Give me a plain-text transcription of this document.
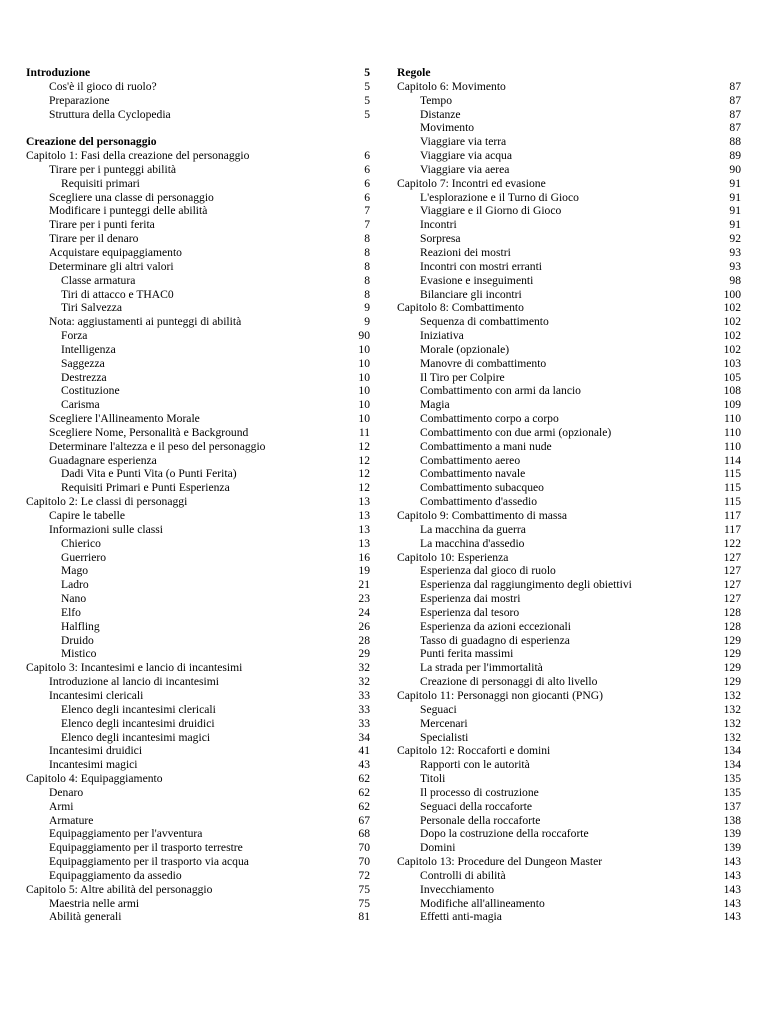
Introduzione	5
Cos'è il gioco di ruolo?	5
Preparazione	5
Struttura della Cyclopedia	5
Creazione del personaggio
Capitolo 1: Fasi della creazione del personaggio	6
Tirare per i punteggi abilità	6
Requisiti primari	6
Scegliere una classe di personaggio	6
Modificare i punteggi delle abilità	7
Tirare per i punti ferita	7
Tirare per il denaro	8
Acquistare equipaggiamento	8
Determinare gli altri valori	8
Classe armatura	8
Tiri di attacco e THAC0	8
Tiri Salvezza	9
Nota: aggiustamenti ai punteggi di abilità	9
Forza	90
Intelligenza	10
Saggezza	10
Destrezza	10
Costituzione	10
Carisma	10
Scegliere l'Allineamento Morale	10
Scegliere Nome, Personalità e Background	11
Determinare l'altezza e il peso del personaggio	12
Guadagnare esperienza	12
Dadi Vita e Punti Vita (o Punti Ferita)	12
Requisiti Primari e Punti Esperienza	12
Capitolo 2: Le classi di personaggi	13
Capire le tabelle	13
Informazioni sulle classi	13
Chierico	13
Guerriero	16
Mago	19
Ladro	21
Nano	23
Elfo	24
Halfling	26
Druido	28
Mistico	29
Capitolo 3: Incantesimi e lancio di incantesimi	32
Introduzione al lancio di incantesimi	32
Incantesimi clericali	33
Elenco degli incantesimi clericali	33
Elenco degli incantesimi druidici	33
Elenco degli incantesimi magici	34
Incantesimi druidici	41
Incantesimi magici	43
Capitolo 4: Equipaggiamento	62
Denaro	62
Armi	62
Armature	67
Equipaggiamento per l'avventura	68
Equipaggiamento per il trasporto terrestre	70
Equipaggiamento per il trasporto via acqua	70
Equipaggiamento da assedio	72
Capitolo 5: Altre abilità del personaggio	75
Maestria nelle armi	75
Abilità generali	81
Regole
Capitolo 6: Movimento	87
Tempo	87
Distanze	87
Movimento	87
Viaggiare via terra	88
Viaggiare via acqua	89
Viaggiare via aerea	90
Capitolo 7: Incontri ed evasione	91
L'esplorazione e il Turno di Gioco	91
Viaggiare e il Giorno di Gioco	91
Incontri	91
Sorpresa	92
Reazioni dei mostri	93
Incontri con mostri erranti	93
Evasione e inseguimenti	98
Bilanciare gli incontri	100
Capitolo 8: Combattimento	102
Sequenza di combattimento	102
Iniziativa	102
Morale (opzionale)	102
Manovre di combattimento	103
Il Tiro per Colpire	105
Combattimento con armi da lancio	108
Magia	109
Combattimento corpo a corpo	110
Combattimento con due armi (opzionale)	110
Combattimento a mani nude	110
Combattimento aereo	114
Combattimento navale	115
Combattimento subacqueo	115
Combattimento d'assedio	115
Capitolo 9: Combattimento di massa	117
La macchina da guerra	117
La macchina d'assedio	122
Capitolo 10: Esperienza	127
Esperienza dal gioco di ruolo	127
Esperienza dal raggiungimento degli obiettivi	127
Esperienza dai mostri	127
Esperienza dal tesoro	128
Esperienza da azioni eccezionali	128
Tasso di guadagno di esperienza	129
Punti ferita massimi	129
La strada per l'immortalità	129
Creazione di personaggi di alto livello	129
Capitolo 11: Personaggi non giocanti (PNG)	132
Seguaci	132
Mercenari	132
Specialisti	132
Capitolo 12: Roccaforti e domini	134
Rapporti con le autorità	134
Titoli	135
Il processo di costruzione	135
Seguaci della roccaforte	137
Personale della roccaforte	138
Dopo la costruzione della roccaforte	139
Domini	139
Capitolo 13: Procedure del Dungeon Master	143
Controlli di abilità	143
Invecchiamento	143
Modifiche all'allineamento	143
Effetti anti-magia	143
